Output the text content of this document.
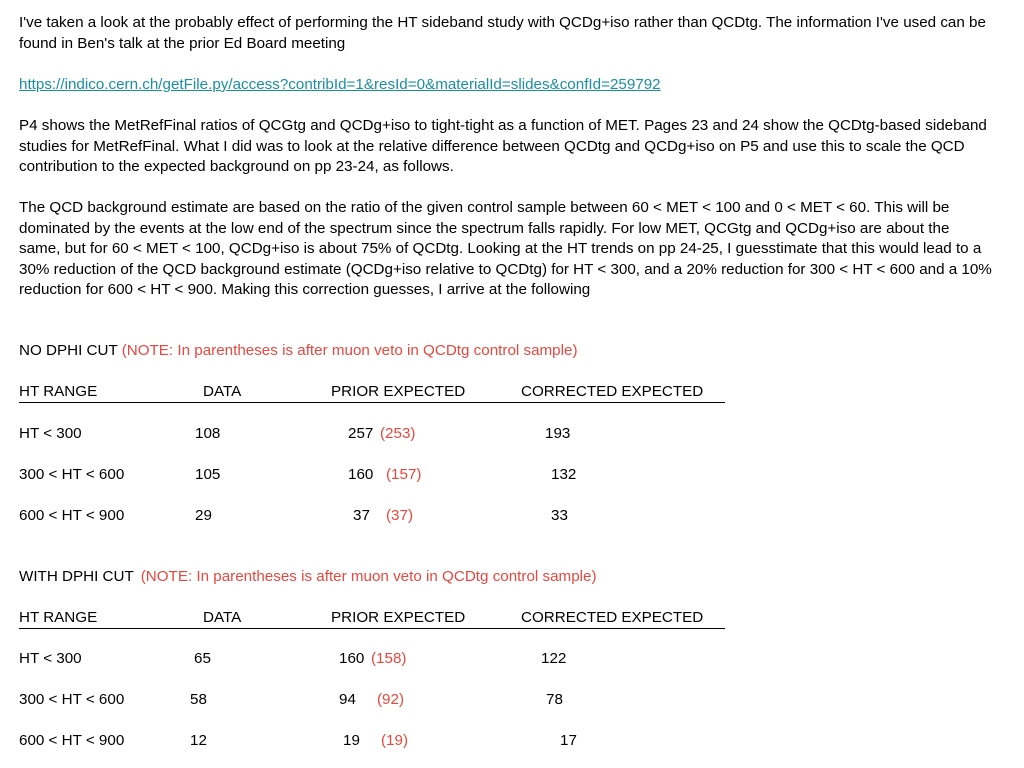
I've taken a look at the probably effect of performing the HT sideband study with QCDg+iso rather than QCDtg. The information I've used can be found in Ben's talk at the prior Ed Board meeting

https://indico.cern.ch/getFile.py/access?contribId=1&resId=0&materialId=slides&confId=259792

P4 shows the MetRefFinal ratios of QCGtg and QCDg+iso to tight-tight as a function of MET. Pages 23 and 24 show the QCDtg-based sideband studies for MetRefFinal. What I did was to look at the relative difference between QCDtg and QCDg+iso on P5 and use this to scale the QCD contribution to the expected background on pp 23-24, as follows.

The QCD background estimate are based on the ratio of the given control sample between 60 < MET < 100 and 0 < MET < 60. This will be dominated by the events at the low end of the spectrum since the spectrum falls rapidly. For low MET, QCGtg and QCDg+iso are about the same, but for 60 < MET < 100, QCDg+iso is about 75% of QCDtg. Looking at the HT trends on pp 24-25, I guesstimate that this would lead to a 30% reduction of the QCD background estimate (QCDg+iso relative to QCDtg) for HT < 300, and a 20% reduction for 300 < HT < 600 and a 10% reduction for 600 < HT < 900. Making this correction guesses, I arrive at the following

NO DPHI CUT (NOTE: In parentheses is after muon veto in QCDtg control sample)
HT RANGE	DATA	PRIOR EXPECTED	CORRECTED EXPECTED
HT < 300	108	257 (253)	193
300 < HT < 600	105	160 (157)	132
600 < HT < 900	29	37 (37)	33
WITH DPHI CUT (NOTE: In parentheses is after muon veto in QCDtg control sample)
HT RANGE	DATA	PRIOR EXPECTED	CORRECTED EXPECTED
HT < 300	65	160 (158)	122
300 < HT < 600	58	94 (92)	78
600 < HT < 900	12	19 (19)	17
